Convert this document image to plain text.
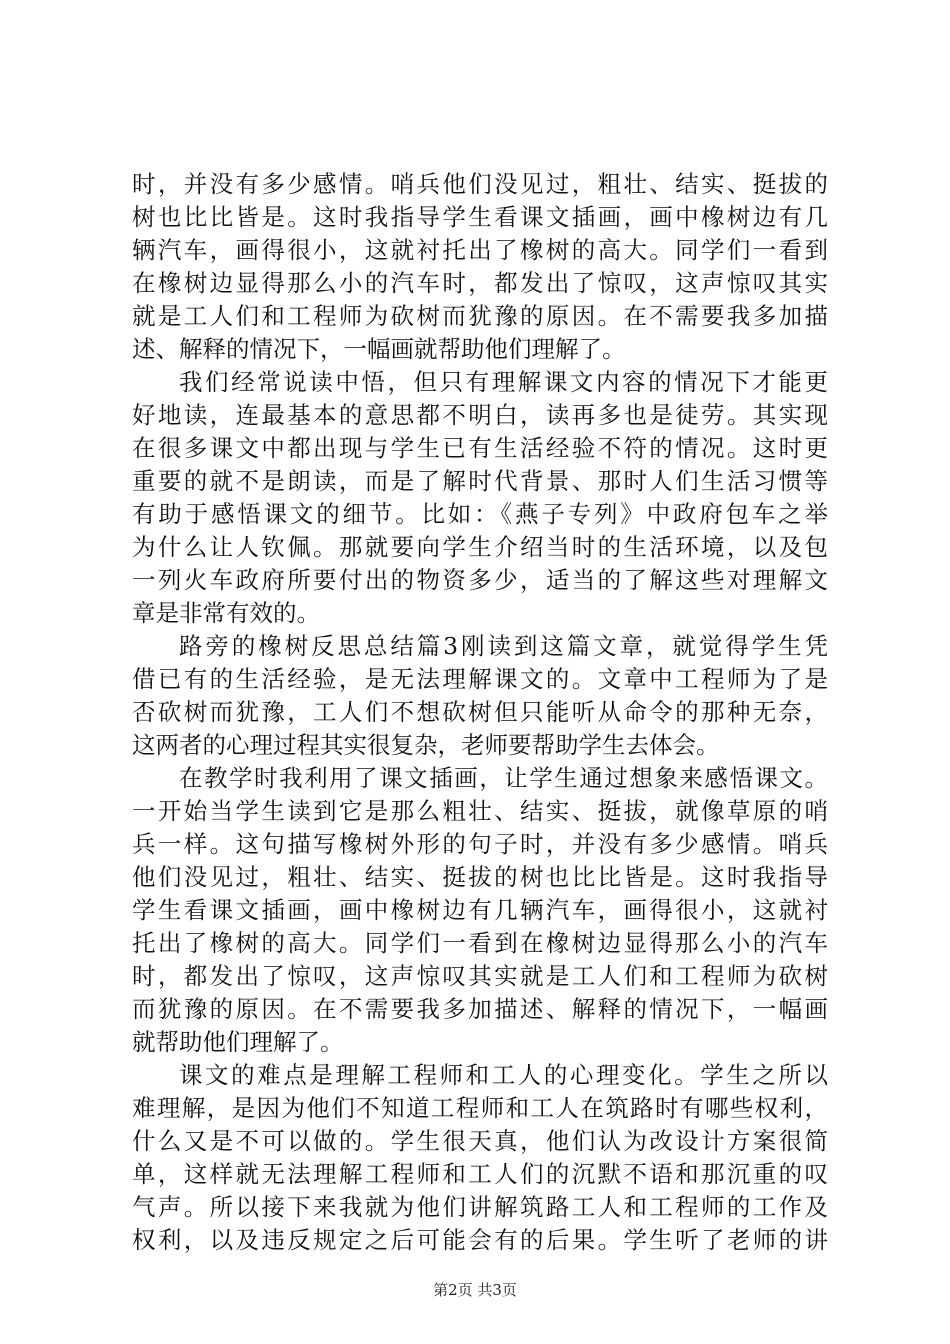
时，并没有多少感情。哨兵他们没见过，粗壮、结实、挺拔的
树也比比皆是。这时我指导学生看课文插画，画中橡树边有几
辆汽车，画得很小，这就衬托出了橡树的高大。同学们一看到
在橡树边显得那么小的汽车时，都发出了惊叹，这声惊叹其实
就是工人们和工程师为砍树而犹豫的原因。在不需要我多加描
述、解释的情况下，一幅画就帮助他们理解了。
我们经常说读中悟，但只有理解课文内容的情况下才能更
好地读，连最基本的意思都不明白，读再多也是徒劳。其实现
在很多课文中都出现与学生已有生活经验不符的情况。这时更
重要的就不是朗读，而是了解时代背景、那时人们生活习惯等
有助于感悟课文的细节。比如：《燕子专列》中政府包车之举
为什么让人钦佩。那就要向学生介绍当时的生活环境，以及包
一列火车政府所要付出的物资多少，适当的了解这些对理解文
章是非常有效的。
路旁的橡树反思总结篇3刚读到这篇文章，就觉得学生凭
借已有的生活经验，是无法理解课文的。文章中工程师为了是
否砍树而犹豫，工人们不想砍树但只能听从命令的那种无奈，
这两者的心理过程其实很复杂，老师要帮助学生去体会。
在教学时我利用了课文插画，让学生通过想象来感悟课文。
一开始当学生读到它是那么粗壮、结实、挺拔，就像草原的哨
兵一样。这句描写橡树外形的句子时，并没有多少感情。哨兵
他们没见过，粗壮、结实、挺拔的树也比比皆是。这时我指导
学生看课文插画，画中橡树边有几辆汽车，画得很小，这就衬
托出了橡树的高大。同学们一看到在橡树边显得那么小的汽车
时，都发出了惊叹，这声惊叹其实就是工人们和工程师为砍树
而犹豫的原因。在不需要我多加描述、解释的情况下，一幅画
就帮助他们理解了。
课文的难点是理解工程师和工人的心理变化。学生之所以
难理解，是因为他们不知道工程师和工人在筑路时有哪些权利，
什么又是不可以做的。学生很天真，他们认为改设计方案很简
单，这样就无法理解工程师和工人们的沉默不语和那沉重的叹
气声。所以接下来我就为他们讲解筑路工人和工程师的工作及
权利，以及违反规定之后可能会有的后果。学生听了老师的讲
第2页 共3页
